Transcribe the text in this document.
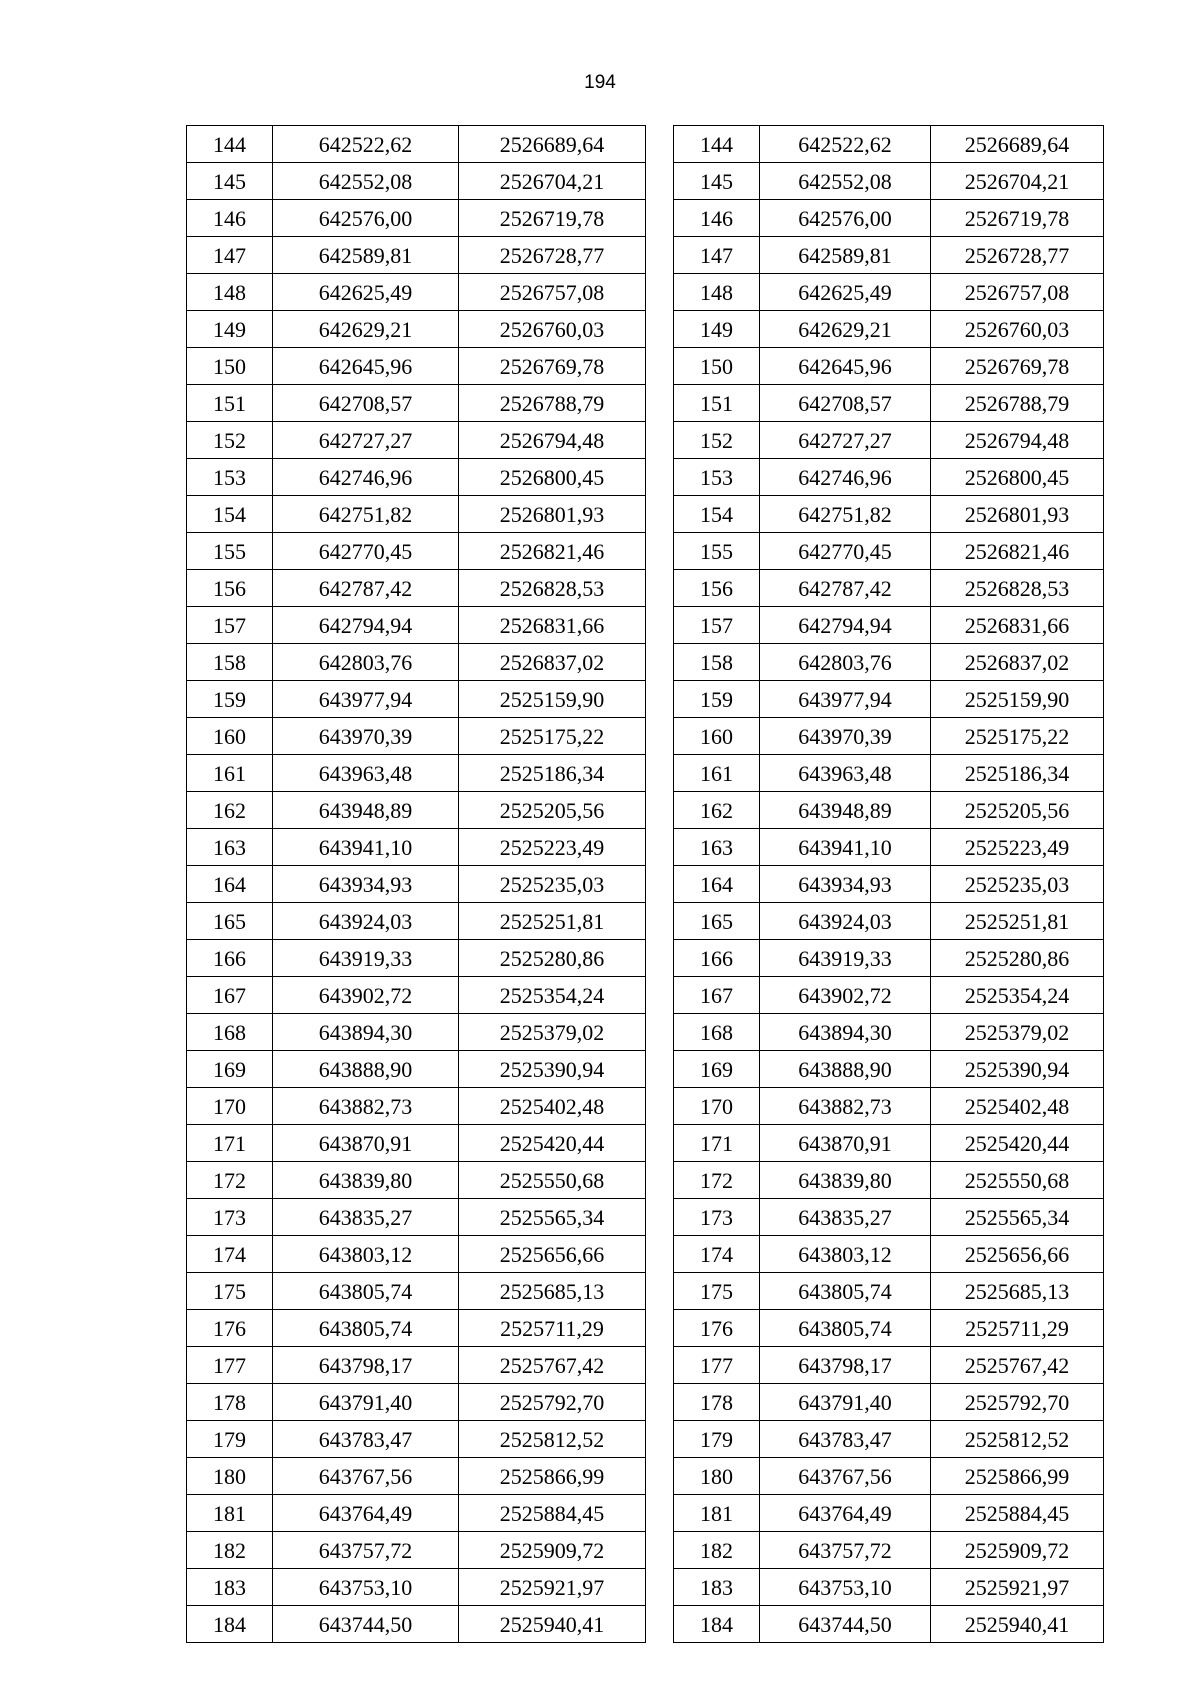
194
144	642522,62	2526689,64
145	642552,08	2526704,21
146	642576,00	2526719,78
147	642589,81	2526728,77
148	642625,49	2526757,08
149	642629,21	2526760,03
150	642645,96	2526769,78
151	642708,57	2526788,79
152	642727,27	2526794,48
153	642746,96	2526800,45
154	642751,82	2526801,93
155	642770,45	2526821,46
156	642787,42	2526828,53
157	642794,94	2526831,66
158	642803,76	2526837,02
159	643977,94	2525159,90
160	643970,39	2525175,22
161	643963,48	2525186,34
162	643948,89	2525205,56
163	643941,10	2525223,49
164	643934,93	2525235,03
165	643924,03	2525251,81
166	643919,33	2525280,86
167	643902,72	2525354,24
168	643894,30	2525379,02
169	643888,90	2525390,94
170	643882,73	2525402,48
171	643870,91	2525420,44
172	643839,80	2525550,68
173	643835,27	2525565,34
174	643803,12	2525656,66
175	643805,74	2525685,13
176	643805,74	2525711,29
177	643798,17	2525767,42
178	643791,40	2525792,70
179	643783,47	2525812,52
180	643767,56	2525866,99
181	643764,49	2525884,45
182	643757,72	2525909,72
183	643753,10	2525921,97
184	643744,50	2525940,41
144	642522,62	2526689,64
145	642552,08	2526704,21
146	642576,00	2526719,78
147	642589,81	2526728,77
148	642625,49	2526757,08
149	642629,21	2526760,03
150	642645,96	2526769,78
151	642708,57	2526788,79
152	642727,27	2526794,48
153	642746,96	2526800,45
154	642751,82	2526801,93
155	642770,45	2526821,46
156	642787,42	2526828,53
157	642794,94	2526831,66
158	642803,76	2526837,02
159	643977,94	2525159,90
160	643970,39	2525175,22
161	643963,48	2525186,34
162	643948,89	2525205,56
163	643941,10	2525223,49
164	643934,93	2525235,03
165	643924,03	2525251,81
166	643919,33	2525280,86
167	643902,72	2525354,24
168	643894,30	2525379,02
169	643888,90	2525390,94
170	643882,73	2525402,48
171	643870,91	2525420,44
172	643839,80	2525550,68
173	643835,27	2525565,34
174	643803,12	2525656,66
175	643805,74	2525685,13
176	643805,74	2525711,29
177	643798,17	2525767,42
178	643791,40	2525792,70
179	643783,47	2525812,52
180	643767,56	2525866,99
181	643764,49	2525884,45
182	643757,72	2525909,72
183	643753,10	2525921,97
184	643744,50	2525940,41
